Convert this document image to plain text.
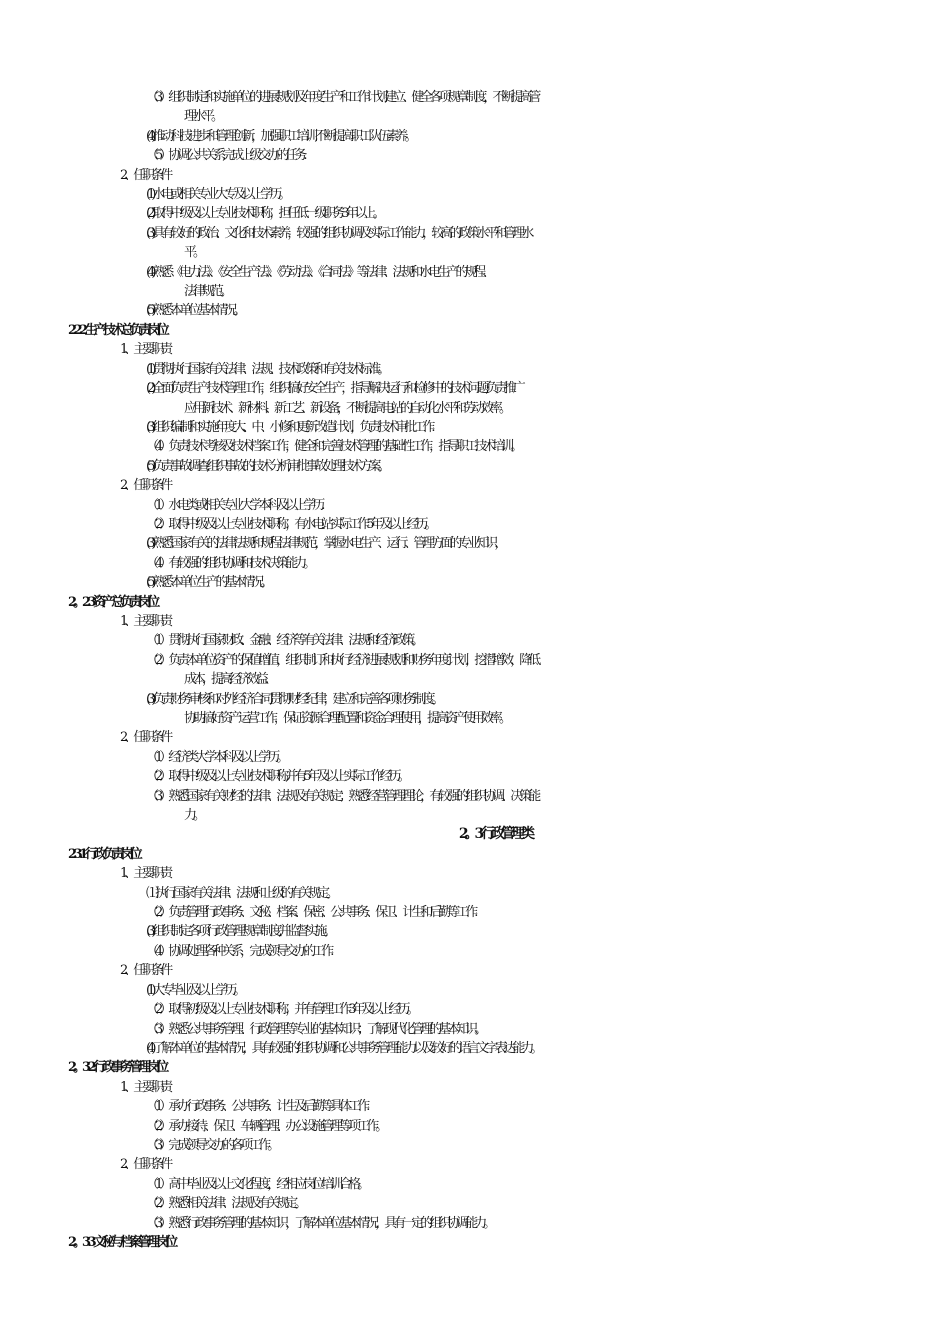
（3）组织制定和实施单位的进展规划及年度生产和工作计划,建立、健全各项规章制度，不断提高管
理水平。
(4)推动科技进步和管理创新，加强职工培训,不断提高职工队伍素养。
（5）协调公共关系,完成上级交办的任务.
2、任职条件
(1)水电或相关专业大专及以上学历。
(2)取得中级及以上专业技术职称，担任低一级职务3年以上。
(3)具有较好的政治、文化和技术素养，较强的组织协调及实际工作能力，较高的政策水平和管理水
平。
(4)熟悉《电力法》、《安全生产法》、《劳动法》、《合同法》等法律、法规和水电生产的规程、
法律规范。
(5)熟悉本单位基本情况。
2.2.2 生产技术总负责岗位
1、主要职责
(1)贯彻执行国家有关法律、法规、技术政策和有关技术标准。
(2)全面负责生产技术管理工作，组织搞好安全生产，指导解决运行和检修中的技术问题;负责推广
应用新技术、新材料、新工艺、新设备，不断提高电站的自动化水平和劳动效率。
(3)组织编制和实施年度大、中、小修和更新改造计划，负责技术审批工作.
（4）负责技术考核及技术档案工作，健全和完善技术管理的基础性工作，指导职工技术培训。
(5)负责事故调查,组织事故的技术分析,审批事故处理技术方案。
2、任职条件
（1）水电类或相关专业大学本科及以上学历.
（2）取得中级及以上专业技术职称，有水电站实际工作5年及以上经历。
(3)熟悉国家有关的法律法规和规程法律规范，掌握水电生产、运行、管理方面的专业知识，
（4）有较强的组织协调和技术决策能力。
(5)熟悉本单位生产的基本情况。
2。2.3 资产总负责岗位
1、主要职责
（1）贯彻执行国家财政、金融、经济等有关法律、法规和经济政策。
（2）负责本单位资产的保值增值，组织制订和执行经济进展规划和财务年度计划，挖潜增效，降低
成本，提高经济效益.
(3)负责财务审核和对外经济合同,贯彻财经纪律，建立和完善各项财务制度。
协助搞好资产运营工作，保证资源合理配置和资金合理使用，提高资产使用效率。
2、任职条件
（1）经济类大学本科及以上学历。
（2）取得中级及以上专业技术职称,并有5年及以上实际工作经历。
（3）熟悉国家有关财经的法律、法规及有关规定；熟悉经营管理理论，有较强的组织协调、决策能
力。
2。3 行政管理类
2.3.1 行政负责岗位
1、主要职责
⑴执行国家有关法律、法规和上级的有关规定。
（2）负责管理行政事务、文秘、档案、保密、公共事务、保卫、计生和后勤等工作.
(3)组织制定各项行政管理规章制度,并监督实施。
（4）协调处理各种关系，完成领导交办的工作.
2、任职条件
(1)大专毕业及以上学历。
（2）取得初级及以上专业技术职称，并有管理工作3年及以上经历。
（3）熟悉公共事务管理、行政管理等专业的基本知识；了解现代化管理的基本知识。
(4)了解本单位的基本情况，具有较强的组织协调和公共事务管理能力以及较好的语言文字表达能力。
2。3.2 行政事务管理岗位
1、主要职责
（1）承办行政事务、公共事务、计生及后勤等具体工作.
（2）承办接待、保卫、车辆管理、办公设施管理等项工作。
（3）完成领导交办的各项工作。
2、任职条件
（1）高中毕业及以上文化程度，经相应岗位培训合格。
（2）熟悉相关法律、法规及有关规定。
（3）熟悉行政事务管理的基本知识，了解本单位基本情况，具有一定的组织协调能力。
2。3.3 文秘与档案管理岗位
